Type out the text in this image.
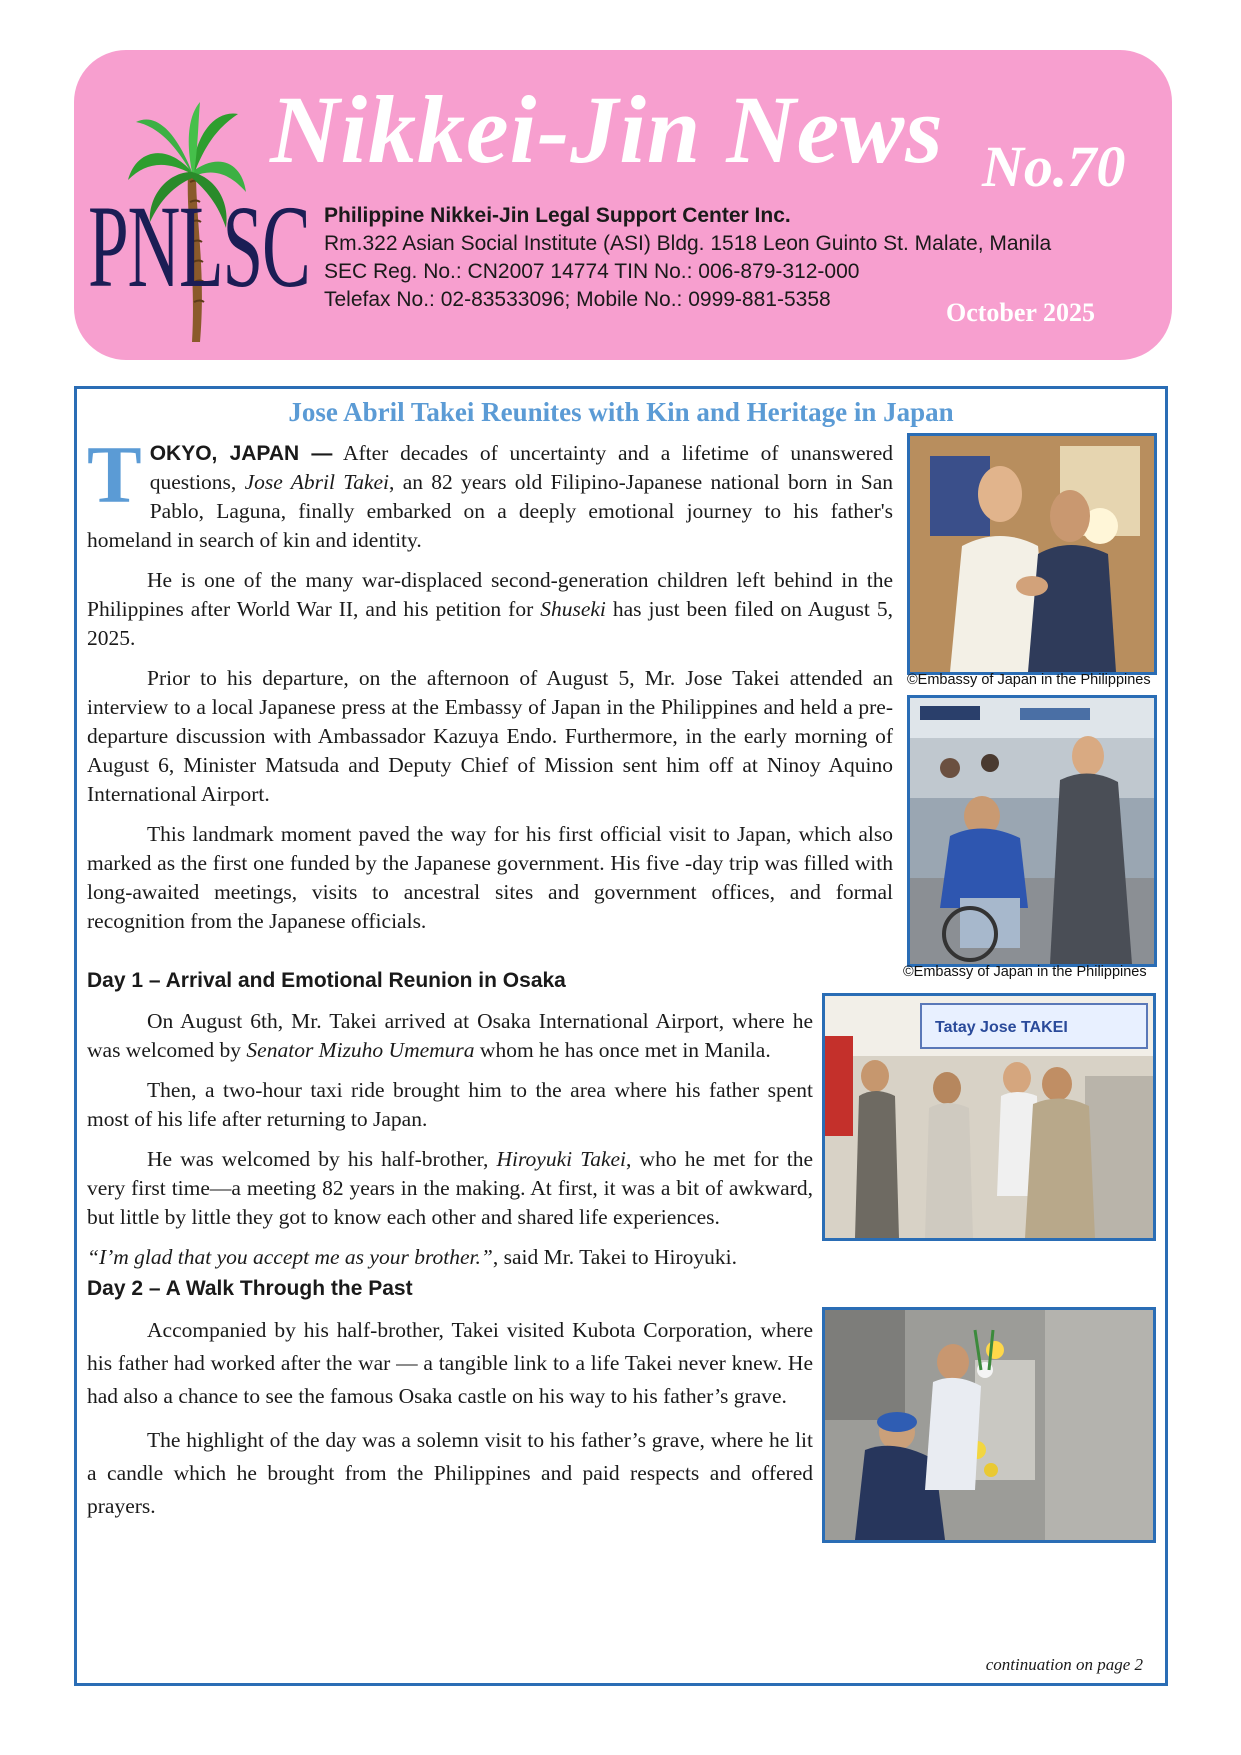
PNLSC
Nikkei-Jin News No.70
Philippine Nikkei-Jin Legal Support Center Inc.
Rm.322 Asian Social Institute (ASI) Bldg. 1518 Leon Guinto St. Malate, Manila
SEC Reg. No.: CN2007 14774 TIN No.: 006-879-312-000
Telefax No.: 02-83533096; Mobile No.: 0999-881-5358	October 2025
Jose Abril Takei Reunites with Kin and Heritage in Japan

T OKYO, JAPAN — After decades of uncertainty and a lifetime of unanswered questions, Jose Abril Takei, an 82 years old Filipino-Japanese national born in San Pablo, Laguna, finally embarked on a deeply emotional journey to his father's homeland in search of kin and identity.

He is one of the many war-displaced second-generation children left behind in the Philippines after World War II, and his petition for Shuseki has just been filed on August 5, 2025.

Prior to his departure, on the afternoon of August 5, Mr. Jose Takei attended an interview to a local Japanese press at the Embassy of Japan in the Philippines and held a pre-departure discussion with Ambassador Kazuya Endo. Furthermore, in the early morning of August 6, Minister Matsuda and Deputy Chief of Mission sent him off at Ninoy Aquino International Airport.

This landmark moment paved the way for his first official visit to Japan, which also marked as the first one funded by the Japanese government. His five -day trip was filled with long-awaited meetings, visits to ancestral sites and government offices, and formal recognition from the Japanese officials.

©Embassy of Japan in the Philippines
©Embassy of Japan in the Philippines
Day 1 – Arrival and Emotional Reunion in Osaka

On August 6th, Mr. Takei arrived at Osaka International Airport, where he was welcomed by Senator Mizuho Umemura whom he has once met in Manila.

Then, a two-hour taxi ride brought him to the area where his father spent most of his life after returning to Japan.

He was welcomed by his half-brother, Hiroyuki Takei, who he met for the very first time—a meeting 82 years in the making. At first, it was a bit of awkward, but little by little they got to know each other and shared life experiences.

“I’m glad that you accept me as your brother.”, said Mr. Takei to Hiroyuki.

Tatay Jose TAKEI
Day 2 – A Walk Through the Past

Accompanied by his half-brother, Takei visited Kubota Corporation, where his father had worked after the war — a tangible link to a life Takei never knew. He had also a chance to see the famous Osaka castle on his way to his father’s grave.

The highlight of the day was a solemn visit to his father’s grave, where he lit a candle which he brought from the Philippines and paid respects and offered prayers.

continuation on page 2
